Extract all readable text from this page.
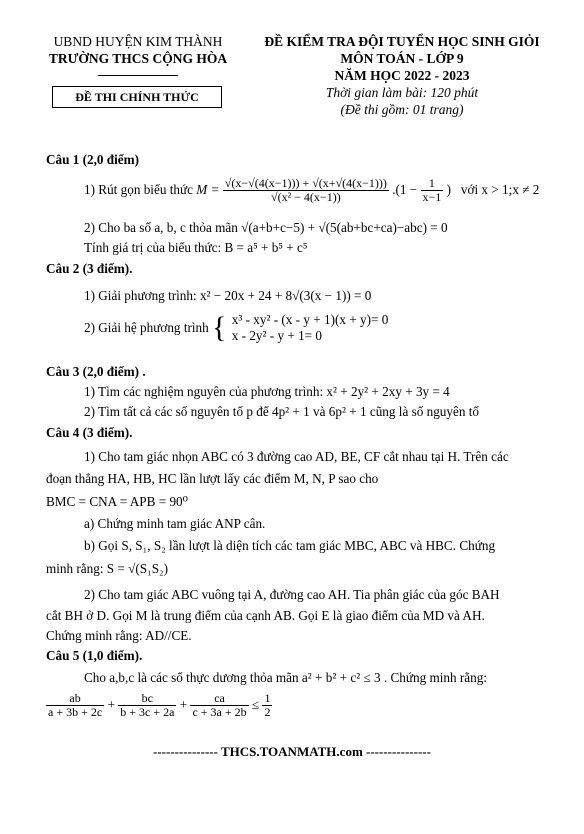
UBND HUYỆN KIM THÀNH
TRƯỜNG THCS CỘNG HÒA
ĐỀ THI CHÍNH THỨC
ĐỀ KIỂM TRA ĐỘI TUYỂN HỌC SINH GIỎI
MÔN TOÁN - LỚP 9
NĂM HỌC 2022 - 2023
Thời gian làm bài: 120 phút
(Đề thi gồm: 01 trang)
Câu 1 (2,0 điểm)
1) Rút gọn biểu thức $M = \frac{√(x-√(4(x-1))) + √(x+√(4(x-1)))}{\text{√(x² − 4(x−1))}} .(1 - \frac{1}{x-1}$ ) với x > 1;x ≠ 2
2) Cho ba số a, b, c thỏa mãn √(a+b+c−5) + √(5(ab+bc+ca)−abc) = 0
Tính giá trị của biểu thức: B = a⁵ + b⁵ + c⁵
Câu 2 (3 điểm).
1) Giải phương trình: x² − 20x + 24 + 8√(3(x − 1)) = 0
2) Giải hệ phương trình { x³ - xy² - (x - y + 1)(x + y)= 0
x - 2y² - y + 1= 0
Câu 3 (2,0 điểm) .
1) Tìm các nghiệm nguyên của phương trình: x² + 2y² + 2xy + 3y = 4
2) Tìm tất cả các số nguyên tố p để 4p² + 1 và 6p² + 1 cũng là số nguyên tố
Câu 4 (3 điểm).
1) Cho tam giác nhọn ABC có 3 đường cao AD, BE, CF cắt nhau tại H. Trên các
đoạn thẳng HA, HB, HC lần lượt lấy các điểm M, N, P sao cho
BMC = CNA = APB = 90⁰
a) Chứng minh tam giác ANP cân.
b) Gọi S, S₁, S₂ lần lượt là diện tích các tam giác MBC, ABC và HBC. Chứng
minh rằng: S = √(S₁S₂)
2) Cho tam giác ABC vuông tại A, đường cao AH. Tia phân giác của góc BAH
cắt BH ở D. Gọi M là trung điểm của cạnh AB. Gọi E là giao điểm của MD và AH.
Chứng minh rằng: AD//CE.
Câu 5 (1,0 điểm).
Cho a,b,c là các số thực dương thỏa mãn a² + b² + c² ≤ 3 . Chứng minh rằng:
$\frac{ab}{a + 3b + 2c} + \frac{bc}{b + 3c + 2a} + \frac{ca}{c + 3a + 2b} \le \frac{1}{2}$
--------------- THCS.TOANMATH.com ---------------
